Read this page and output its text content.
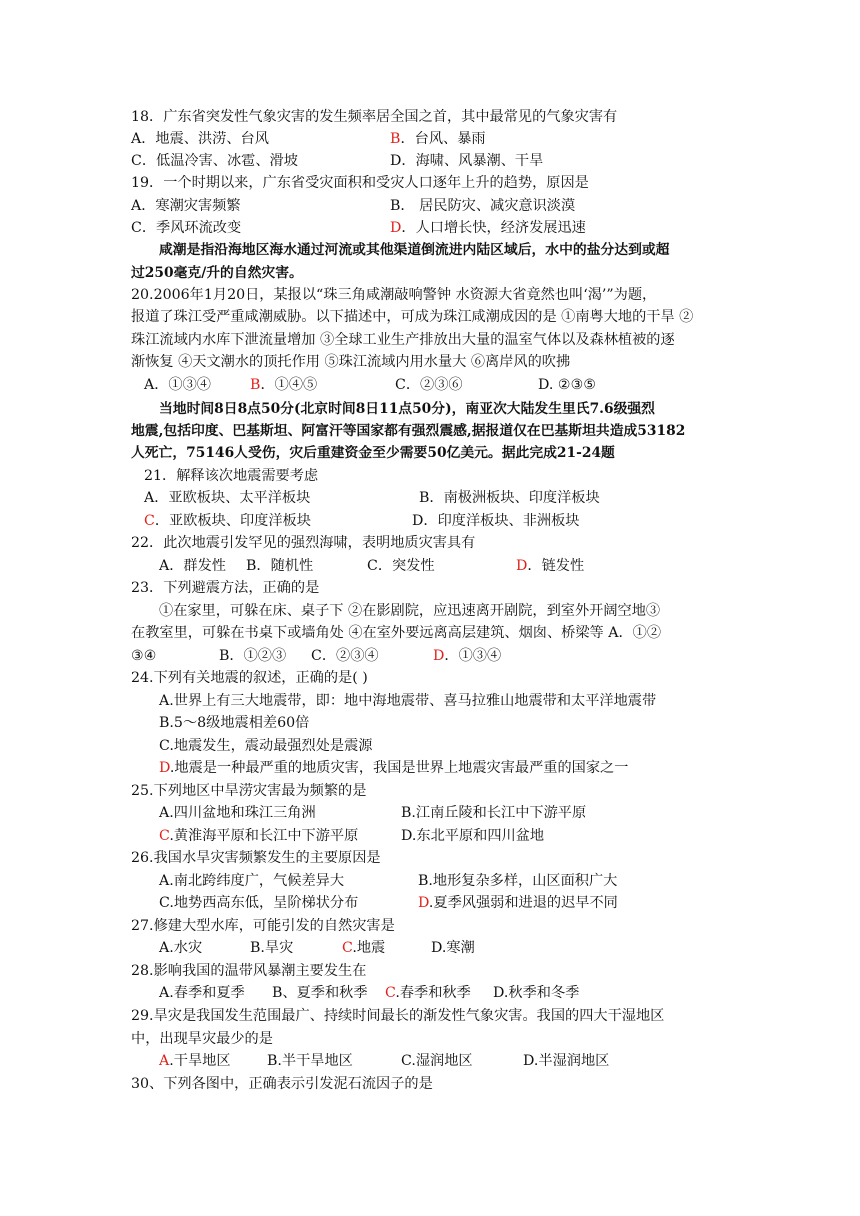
18．广东省突发性气象灾害的发生频率居全国之首，其中最常见的气象灾害有
A．地震、洪涝、台风	B．台风、暴雨
C．低温冷害、冰雹、滑坡	D．海啸、风暴潮、干旱
19．一个时期以来，广东省受灾面积和受灾人口逐年上升的趋势，原因是
A．寒潮灾害频繁	B． 居民防灾、减灾意识淡漠
C．季风环流改变	D．人口增长快，经济发展迅速
咸潮是指沿海地区海水通过河流或其他渠道倒流进内陆区域后，水中的盐分达到或超
过250毫克/升的自然灾害。
20.2006年1月20日，某报以“珠三角咸潮敲响警钟 水资源大省竟然也叫‘渴’”为题，
报道了珠江受严重咸潮威胁。以下描述中，可成为珠江咸潮成因的是 ①南粤大地的干旱 ②
珠江流域内水库下泄流量增加 ③全球工业生产排放出大量的温室气体以及森林植被的逐
渐恢复 ④天文潮水的顶托作用 ⑤珠江流域内用水量大 ⑥离岸风的吹拂
A．①③④	B．①④⑤	C．②③⑥	D. ②③⑤
当地时间8日8点50分(北京时间8日11点50分)，南亚次大陆发生里氏7.6级强烈
地震,包括印度、巴基斯坦、阿富汗等国家都有强烈震感,据报道仅在巴基斯坦共造成53182
人死亡，75146人受伤，灾后重建资金至少需要50亿美元。据此完成21-24题
21．解释该次地震需要考虑
A．亚欧板块、太平洋板块	B．南极洲板块、印度洋板块
C．亚欧板块、印度洋板块	D．印度洋板块、非洲板块
22．此次地震引发罕见的强烈海啸，表明地质灾害具有
A．群发性 B．随机性	C．突发性	D．链发性
23．下列避震方法，正确的是
①在家里，可躲在床、桌子下 ②在影剧院，应迅速离开剧院，到室外开阔空地③
在教室里，可躲在书桌下或墙角处 ④在室外要远离高层建筑、烟囱、桥梁等 A．①②
③④	B．①②③ C．②③④	D．①③④
24.下列有关地震的叙述，正确的是( )
A.世界上有三大地震带，即：地中海地震带、喜马拉雅山地震带和太平洋地震带
B.5～8级地震相差60倍
C.地震发生，震动最强烈处是震源
D.地震是一种最严重的地质灾害，我国是世界上地震灾害最严重的国家之一
25.下列地区中旱涝灾害最为频繁的是
A.四川盆地和珠江三角洲	B.江南丘陵和长江中下游平原
C.黄淮海平原和长江中下游平原	D.东北平原和四川盆地
26.我国水旱灾害频繁发生的主要原因是
A.南北跨纬度广，气候差异大	B.地形复杂多样，山区面积广大
C.地势西高东低，呈阶梯状分布	D.夏季风强弱和进退的迟早不同
27.修建大型水库，可能引发的自然灾害是
A.水灾	B.旱灾	C.地震	D.寒潮
28.影响我国的温带风暴潮主要发生在
A.春季和夏季 B、夏季和秋季 C.春季和秋季 D.秋季和冬季
29.旱灾是我国发生范围最广、持续时间最长的渐发性气象灾害。我国的四大干湿地区
中，出现旱灾最少的是
A.干旱地区	B.半干旱地区	C.湿润地区	D.半湿润地区
30、下列各图中，正确表示引发泥石流因子的是
